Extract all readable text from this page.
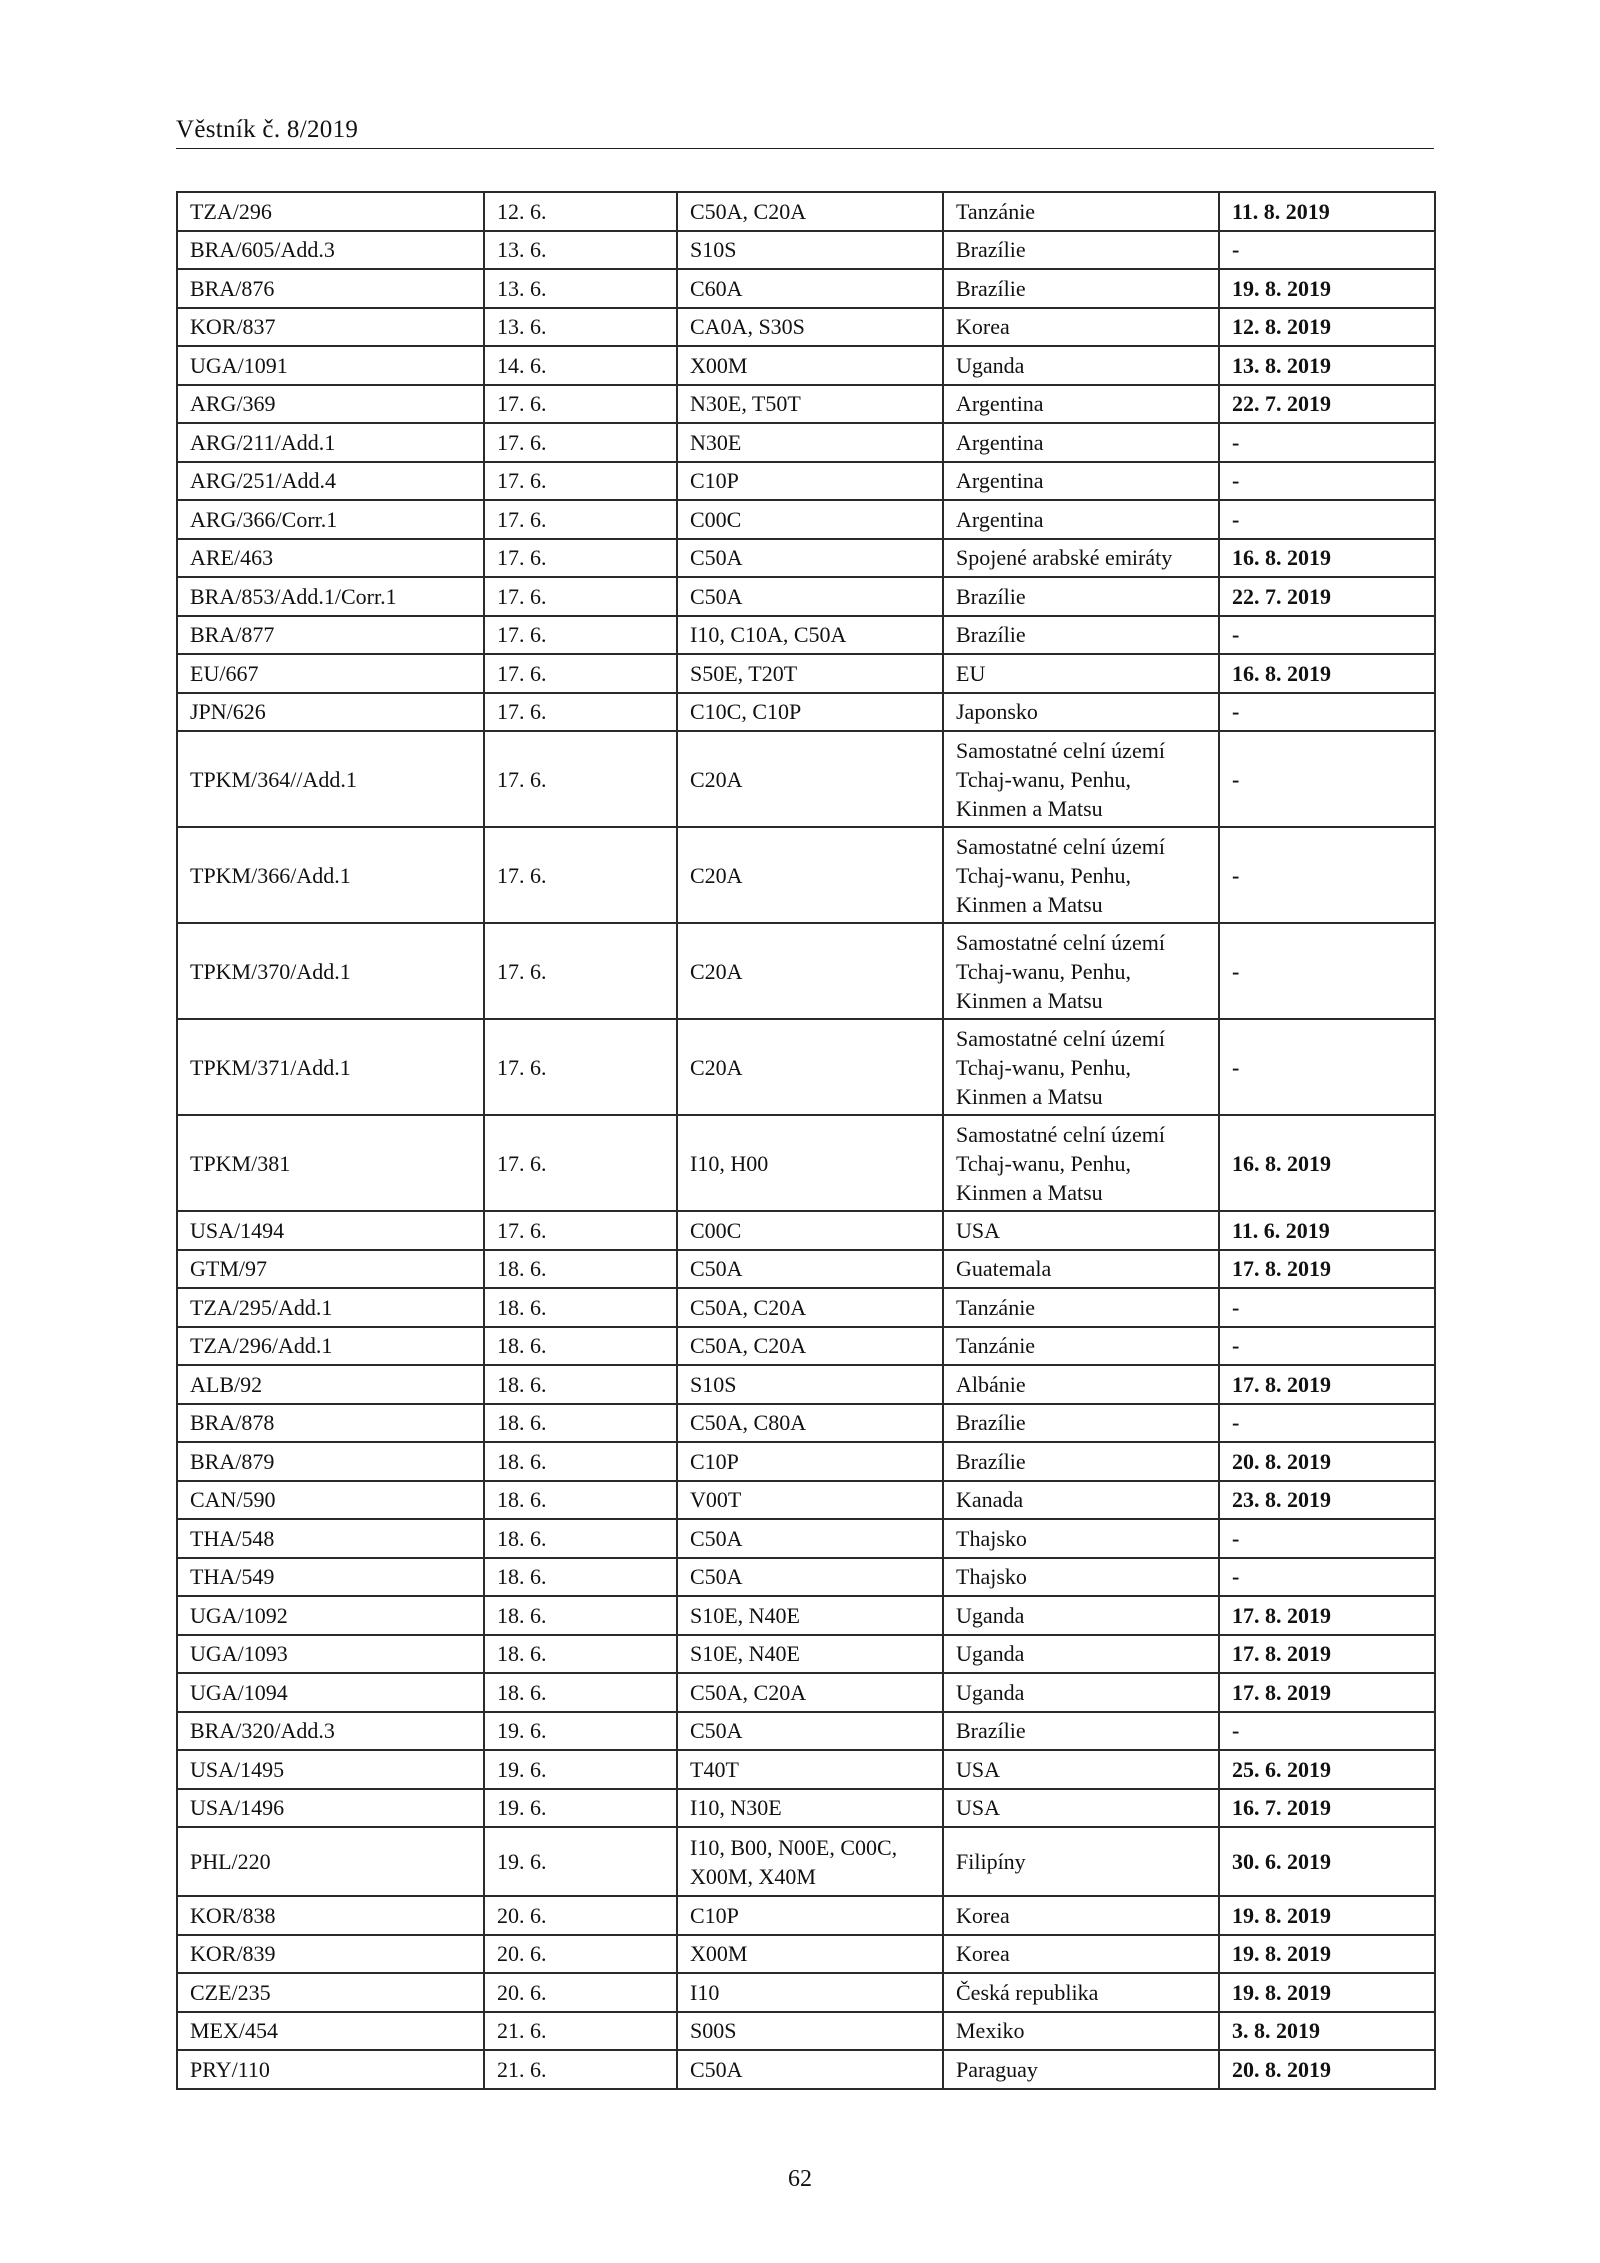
Věstník č. 8/2019
TZA/296	12. 6.	C50A, C20A	Tanzánie	11. 8. 2019
BRA/605/Add.3	13. 6.	S10S	Brazílie	-
BRA/876	13. 6.	C60A	Brazílie	19. 8. 2019
KOR/837	13. 6.	CA0A, S30S	Korea	12. 8. 2019
UGA/1091	14. 6.	X00M	Uganda	13. 8. 2019
ARG/369	17. 6.	N30E, T50T	Argentina	22. 7. 2019
ARG/211/Add.1	17. 6.	N30E	Argentina	-
ARG/251/Add.4	17. 6.	C10P	Argentina	-
ARG/366/Corr.1	17. 6.	C00C	Argentina	-
ARE/463	17. 6.	C50A	Spojené arabské emiráty	16. 8. 2019
BRA/853/Add.1/Corr.1	17. 6.	C50A	Brazílie	22. 7. 2019
BRA/877	17. 6.	I10, C10A, C50A	Brazílie	-
EU/667	17. 6.	S50E, T20T	EU	16. 8. 2019
JPN/626	17. 6.	C10C, C10P	Japonsko	-
TPKM/364//Add.1	17. 6.	C20A	Samostatné celní území Tchaj-wanu, Penhu, Kinmen a Matsu	-
TPKM/366/Add.1	17. 6.	C20A	Samostatné celní území Tchaj-wanu, Penhu, Kinmen a Matsu	-
TPKM/370/Add.1	17. 6.	C20A	Samostatné celní území Tchaj-wanu, Penhu, Kinmen a Matsu	-
TPKM/371/Add.1	17. 6.	C20A	Samostatné celní území Tchaj-wanu, Penhu, Kinmen a Matsu	-
TPKM/381	17. 6.	I10, H00	Samostatné celní území Tchaj-wanu, Penhu, Kinmen a Matsu	16. 8. 2019
USA/1494	17. 6.	C00C	USA	11. 6. 2019
GTM/97	18. 6.	C50A	Guatemala	17. 8. 2019
TZA/295/Add.1	18. 6.	C50A, C20A	Tanzánie	-
TZA/296/Add.1	18. 6.	C50A, C20A	Tanzánie	-
ALB/92	18. 6.	S10S	Albánie	17. 8. 2019
BRA/878	18. 6.	C50A, C80A	Brazílie	-
BRA/879	18. 6.	C10P	Brazílie	20. 8. 2019
CAN/590	18. 6.	V00T	Kanada	23. 8. 2019
THA/548	18. 6.	C50A	Thajsko	-
THA/549	18. 6.	C50A	Thajsko	-
UGA/1092	18. 6.	S10E, N40E	Uganda	17. 8. 2019
UGA/1093	18. 6.	S10E, N40E	Uganda	17. 8. 2019
UGA/1094	18. 6.	C50A, C20A	Uganda	17. 8. 2019
BRA/320/Add.3	19. 6.	C50A	Brazílie	-
USA/1495	19. 6.	T40T	USA	25. 6. 2019
USA/1496	19. 6.	I10, N30E	USA	16. 7. 2019
PHL/220	19. 6.	I10, B00, N00E, C00C, X00M, X40M	Filipíny	30. 6. 2019
KOR/838	20. 6.	C10P	Korea	19. 8. 2019
KOR/839	20. 6.	X00M	Korea	19. 8. 2019
CZE/235	20. 6.	I10	Česká republika	19. 8. 2019
MEX/454	21. 6.	S00S	Mexiko	3. 8. 2019
PRY/110	21. 6.	C50A	Paraguay	20. 8. 2019
62
